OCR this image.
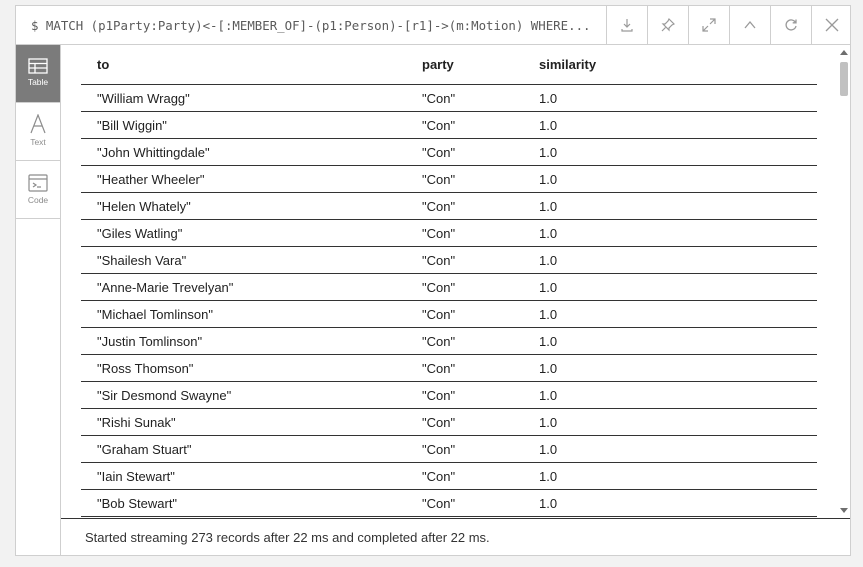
$ MATCH (p1Party:Party)<-[:MEMBER_OF]-(p1:Person)-[r1]->(m:Motion) WHERE...
Table
Text
Code
to	party	similarity
"William Wragg"	"Con"	1.0
"Bill Wiggin"	"Con"	1.0
"John Whittingdale"	"Con"	1.0
"Heather Wheeler"	"Con"	1.0
"Helen Whately"	"Con"	1.0
"Giles Watling"	"Con"	1.0
"Shailesh Vara"	"Con"	1.0
"Anne-Marie Trevelyan"	"Con"	1.0
"Michael Tomlinson"	"Con"	1.0
"Justin Tomlinson"	"Con"	1.0
"Ross Thomson"	"Con"	1.0
"Sir Desmond Swayne"	"Con"	1.0
"Rishi Sunak"	"Con"	1.0
"Graham Stuart"	"Con"	1.0
"Iain Stewart"	"Con"	1.0
"Bob Stewart"	"Con"	1.0
Started streaming 273 records after 22 ms and completed after 22 ms.
